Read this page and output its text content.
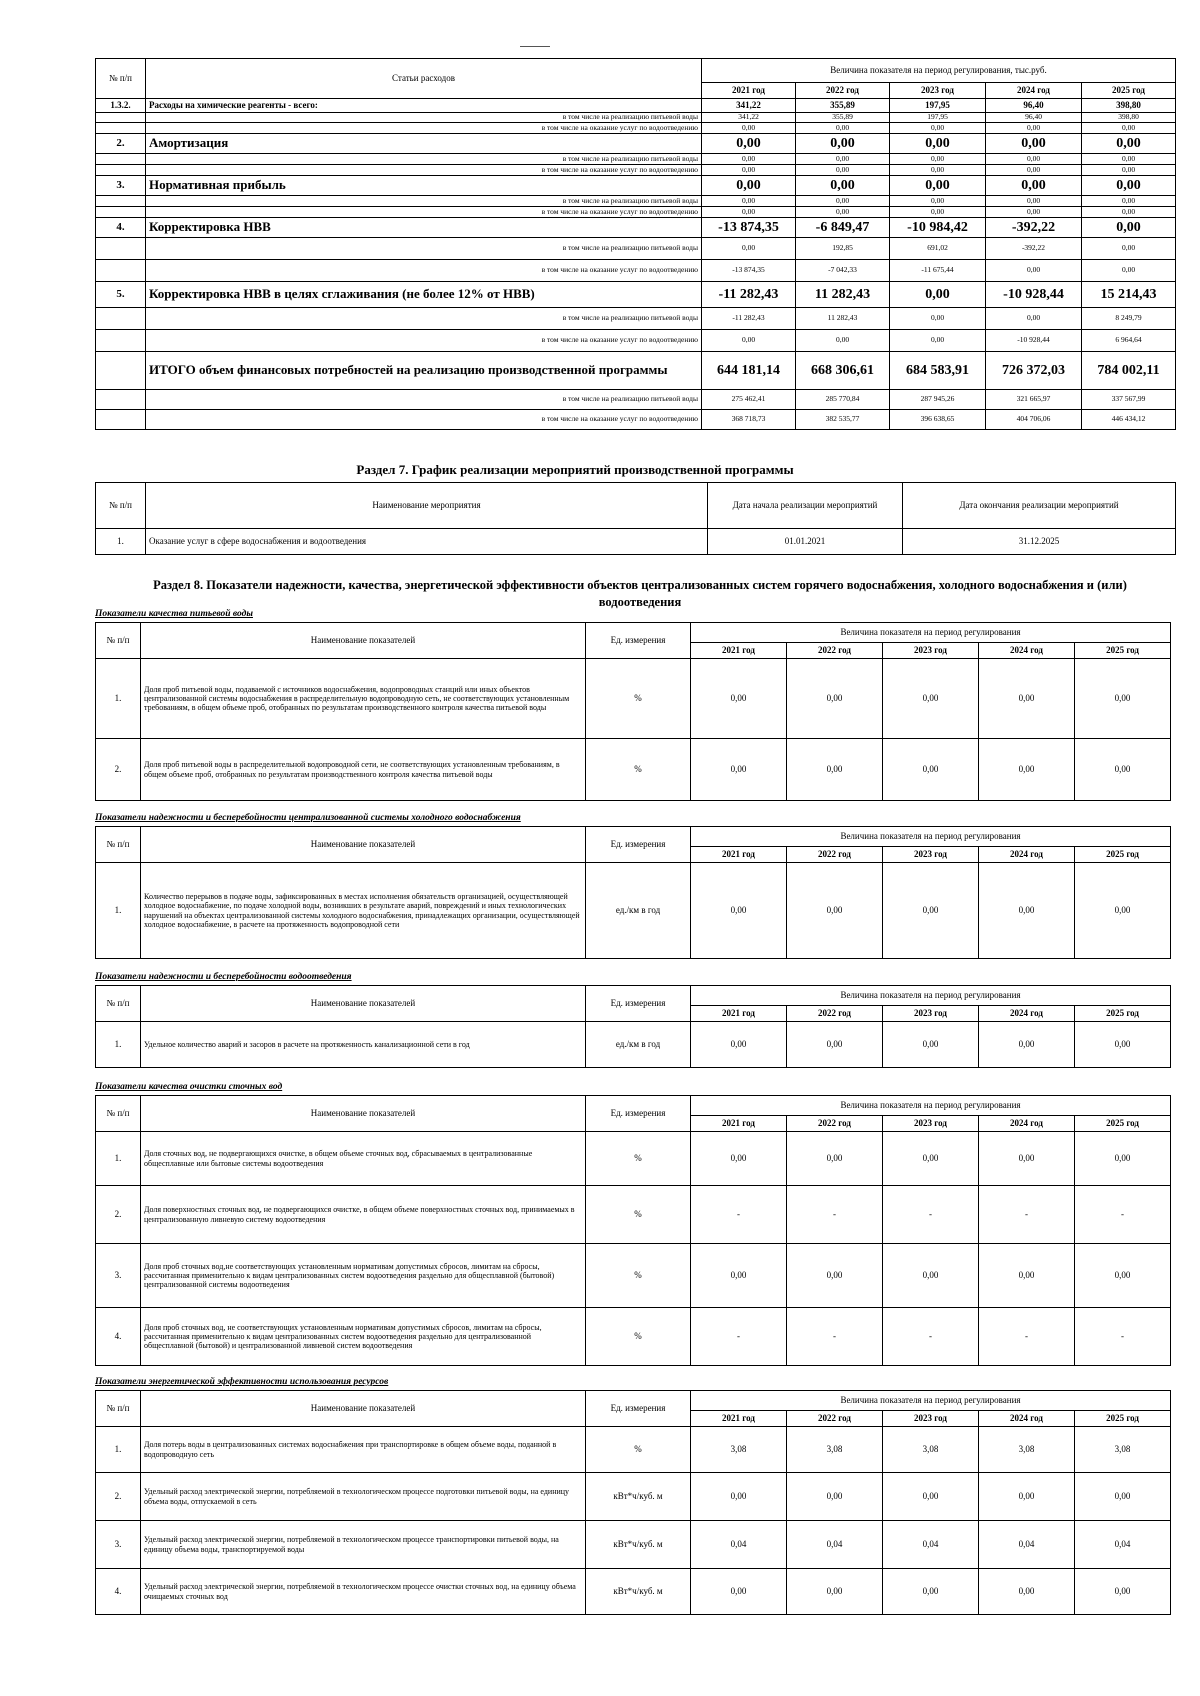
№ п/п	Статьи расходов	Величина показателя на период регулирования, тыс.руб.				
		2021 год	2022 год	2023 год	2024 год	2025 год
1.3.2.	Расходы на химические реагенты - всего:	341,22	355,89	197,95	96,40	398,80
	в том числе на реализацию питьевой воды	341,22	355,89	197,95	96,40	398,80
	в том числе на оказание услуг по водоотведению	0,00	0,00	0,00	0,00	0,00
2.	Амортизация	0,00	0,00	0,00	0,00	0,00
	в том числе на реализацию питьевой воды	0,00	0,00	0,00	0,00	0,00
	в том числе на оказание услуг по водоотведению	0,00	0,00	0,00	0,00	0,00
3.	Нормативная прибыль	0,00	0,00	0,00	0,00	0,00
	в том числе на реализацию питьевой воды	0,00	0,00	0,00	0,00	0,00
	в том числе на оказание услуг по водоотведению	0,00	0,00	0,00	0,00	0,00
4.	Корректировка НВВ	-13 874,35	-6 849,47	-10 984,42	-392,22	0,00
	в том числе на реализацию питьевой воды	0,00	192,85	691,02	-392,22	0,00
	в том числе на оказание услуг по водоотведению	-13 874,35	-7 042,33	-11 675,44	0,00	0,00
5.	Корректировка НВВ в целях сглаживания (не более 12% от НВВ)	-11 282,43	11 282,43	0,00	-10 928,44	15 214,43
	в том числе на реализацию питьевой воды	-11 282,43	11 282,43	0,00	0,00	8 249,79
	в том числе на оказание услуг по водоотведению	0,00	0,00	0,00	-10 928,44	6 964,64
	ИТОГО объем финансовых потребностей на реализацию производственной программы	644 181,14	668 306,61	684 583,91	726 372,03	784 002,11
	в том числе на реализацию питьевой воды	275 462,41	285 770,84	287 945,26	321 665,97	337 567,99
	в том числе на оказание услуг по водоотведению	368 718,73	382 535,77	396 638,65	404 706,06	446 434,12
Раздел 7. График реализации мероприятий производственной программы
№ п/п	Наименование мероприятия	Дата начала реализации мероприятий	Дата окончания реализации мероприятий
1.	Оказание услуг в сфере водоснабжения и водоотведения	01.01.2021	31.12.2025
Раздел 8. Показатели надежности, качества, энергетической эффективности объектов централизованных систем горячего водоснабжения, холодного водоснабжения и (или) водоотведения
Показатели качества питьевой воды
№ п/п	Наименование показателей	Ед. измерения	Величина показателя на период регулирования				
			2021 год	2022 год	2023 год	2024 год	2025 год
1.	Доля проб питьевой воды, подаваемой с источников водоснабжения, водопроводных станций или иных объектов централизованной системы водоснабжения в распределительную водопроводную сеть, не соответствующих установленным требованиям, в общем объеме проб, отобранных по результатам производственного контроля качества питьевой воды	%	0,00	0,00	0,00	0,00	0,00
2.	Доля проб питьевой воды в распределительной водопроводной сети, не соответствующих установленным требованиям, в общем объеме проб, отобранных по результатам производственного контроля качества питьевой воды	%	0,00	0,00	0,00	0,00	0,00
Показатели надежности и бесперебойности централизованной системы холодного водоснабжения
№ п/п	Наименование показателей	Ед. измерения	Величина показателя на период регулирования				
			2021 год	2022 год	2023 год	2024 год	2025 год
1.	Количество перерывов в подаче воды, зафиксированных в местах исполнения обязательств организацией, осуществляющей холодное водоснабжение, по подаче холодной воды, возникших в результате аварий, повреждений и иных технологических нарушений на объектах централизованной системы холодного водоснабжения, принадлежащих организации, осуществляющей холодное водоснабжение, в расчете на протяженность водопроводной сети	ед./км в год	0,00	0,00	0,00	0,00	0,00
Показатели надежности и бесперебойности водоотведения
№ п/п	Наименование показателей	Ед. измерения	Величина показателя на период регулирования				
			2021 год	2022 год	2023 год	2024 год	2025 год
1.	Удельное количество аварий и засоров в расчете на протяженность канализационной сети в год	ед./км в год	0,00	0,00	0,00	0,00	0,00
Показатели качества очистки сточных вод
№ п/п	Наименование показателей	Ед. измерения	Величина показателя на период регулирования				
			2021 год	2022 год	2023 год	2024 год	2025 год
1.	Доля сточных вод, не подвергающихся очистке, в общем объеме сточных вод, сбрасываемых в централизованные общесплавные или бытовые системы водоотведения	%	0,00	0,00	0,00	0,00	0,00
2.	Доля поверхностных сточных вод, не подвергающихся очистке, в общем объеме поверхностных сточных вод, принимаемых в централизованную ливневую систему водоотведения	%	-	-	-	-	-
3.	Доля проб сточных вод,не соответствующих установленным нормативам допустимых сбросов, лимитам на сбросы, рассчитанная применительно к видам централизованных систем водоотведения раздельно для общесплавной (бытовой) централизованной системы водоотведения	%	0,00	0,00	0,00	0,00	0,00
4.	Доля проб сточных вод, не соответствующих установленным нормативам допустимых сбросов, лимитам на сбросы, рассчитанная применительно к видам централизованных систем водоотведения раздельно для централизованной общесплавной (бытовой) и централизованной ливневой систем водоотведения	%	-	-	-	-	-
Показатели энергетической эффективности использования ресурсов
№ п/п	Наименование показателей	Ед. измерения	Величина показателя на период регулирования				
			2021 год	2022 год	2023 год	2024 год	2025 год
1.	Доля потерь воды в централизованных системах водоснабжения при транспортировке в общем объеме воды, поданной в водопроводную сеть	%	3,08	3,08	3,08	3,08	3,08
2.	Удельный расход электрической энергии, потребляемой в технологическом процессе подготовки питьевой воды, на единицу объема воды, отпускаемой в сеть	кВт*ч/куб. м	0,00	0,00	0,00	0,00	0,00
3.	Удельный расход электрической энергии, потребляемой в технологическом процессе транспортировки питьевой воды, на единицу объема воды, транспортируемой воды	кВт*ч/куб. м	0,04	0,04	0,04	0,04	0,04
4.	Удельный расход электрической энергии, потребляемой в технологическом процессе очистки сточных вод, на единицу объема очищаемых сточных вод	кВт*ч/куб. м	0,00	0,00	0,00	0,00	0,00
